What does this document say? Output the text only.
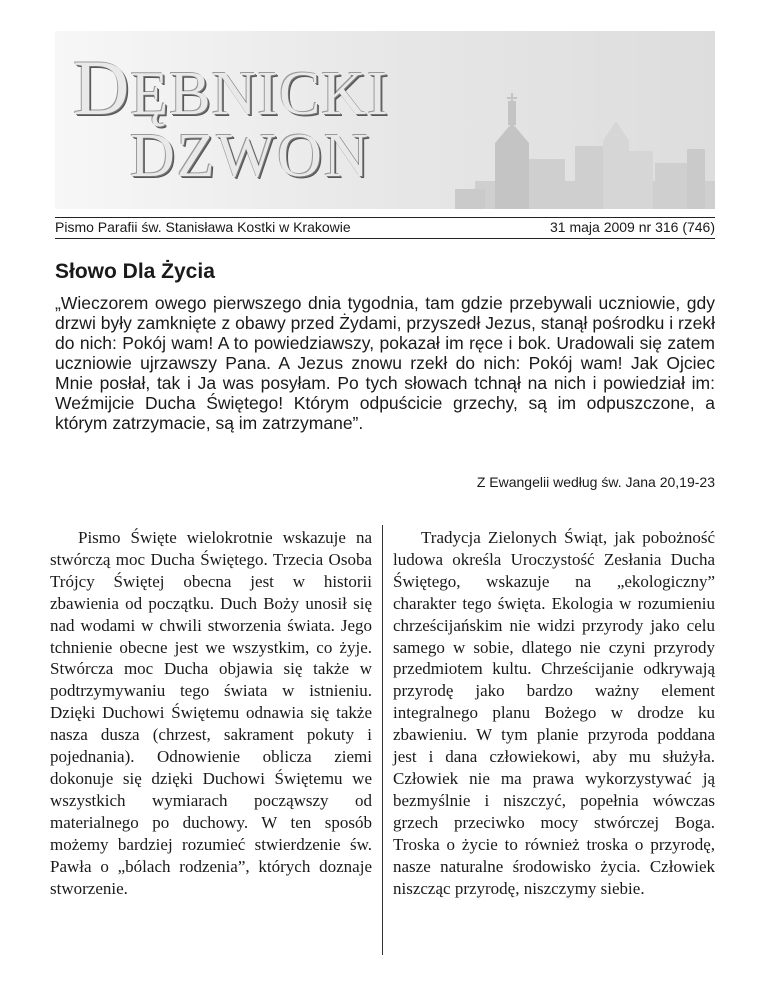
DĘBNICKI
DZWON
Pismo Parafii św. Stanisława Kostki w Krakowie	31 maja 2009 nr 316 (746)
Słowo Dla Życia

„Wieczorem owego pierwszego dnia tygodnia, tam gdzie przebywali uczniowie, gdy drzwi były zamknięte z obawy przed Żydami, przyszedł Jezus, stanął pośrodku i rzekł do nich: Pokój wam! A to powiedziawszy, pokazał im ręce i bok. Uradowali się zatem uczniowie ujrzawszy Pana. A Jezus znowu rzekł do nich: Pokój wam! Jak Ojciec Mnie posłał, tak i Ja was posyłam. Po tych słowach tchnął na nich i powiedział im: Weźmijcie Ducha Świętego! Którym odpuścicie grzechy, są im odpuszczone, a którym zatrzymacie, są im zatrzymane”.

Z Ewangelii według św. Jana 20,19-23

Pismo Święte wielokrotnie wskazuje na stwórczą moc Ducha Świętego. Trzecia Osoba Trójcy Świętej obecna jest w historii zbawienia od początku. Duch Boży unosił się nad wodami w chwili stworzenia świata. Jego tchnienie obecne jest we wszystkim, co żyje. Stwórcza moc Ducha objawia się także w podtrzymywaniu tego świata w istnieniu. Dzięki Duchowi Świętemu odnawia się także nasza dusza (chrzest, sakrament pokuty i pojednania). Odnowienie oblicza ziemi dokonuje się dzięki Duchowi Świętemu we wszystkich wymiarach począwszy od materialnego po duchowy. W ten sposób możemy bardziej rozumieć stwierdzenie św. Pawła o „bólach rodzenia”, których doznaje stworzenie.

Tradycja Zielonych Świąt, jak pobożność ludowa określa Uroczystość Zesłania Ducha Świętego, wskazuje na „ekologiczny” charakter tego święta. Ekologia w rozumieniu chrześcijańskim nie widzi przyrody jako celu samego w sobie, dlatego nie czyni przyrody przedmiotem kultu. Chrześcijanie odkrywają przyrodę jako bardzo ważny element integralnego planu Bożego w drodze ku zbawieniu. W tym planie przyroda poddana jest i dana człowiekowi, aby mu służyła. Człowiek nie ma prawa wykorzystywać ją bezmyślnie i niszczyć, popełnia wówczas grzech przeciwko mocy stwórczej Boga. Troska o życie to również troska o przyrodę, nasze naturalne środowisko życia. Człowiek niszcząc przyrodę, niszczymy siebie.
